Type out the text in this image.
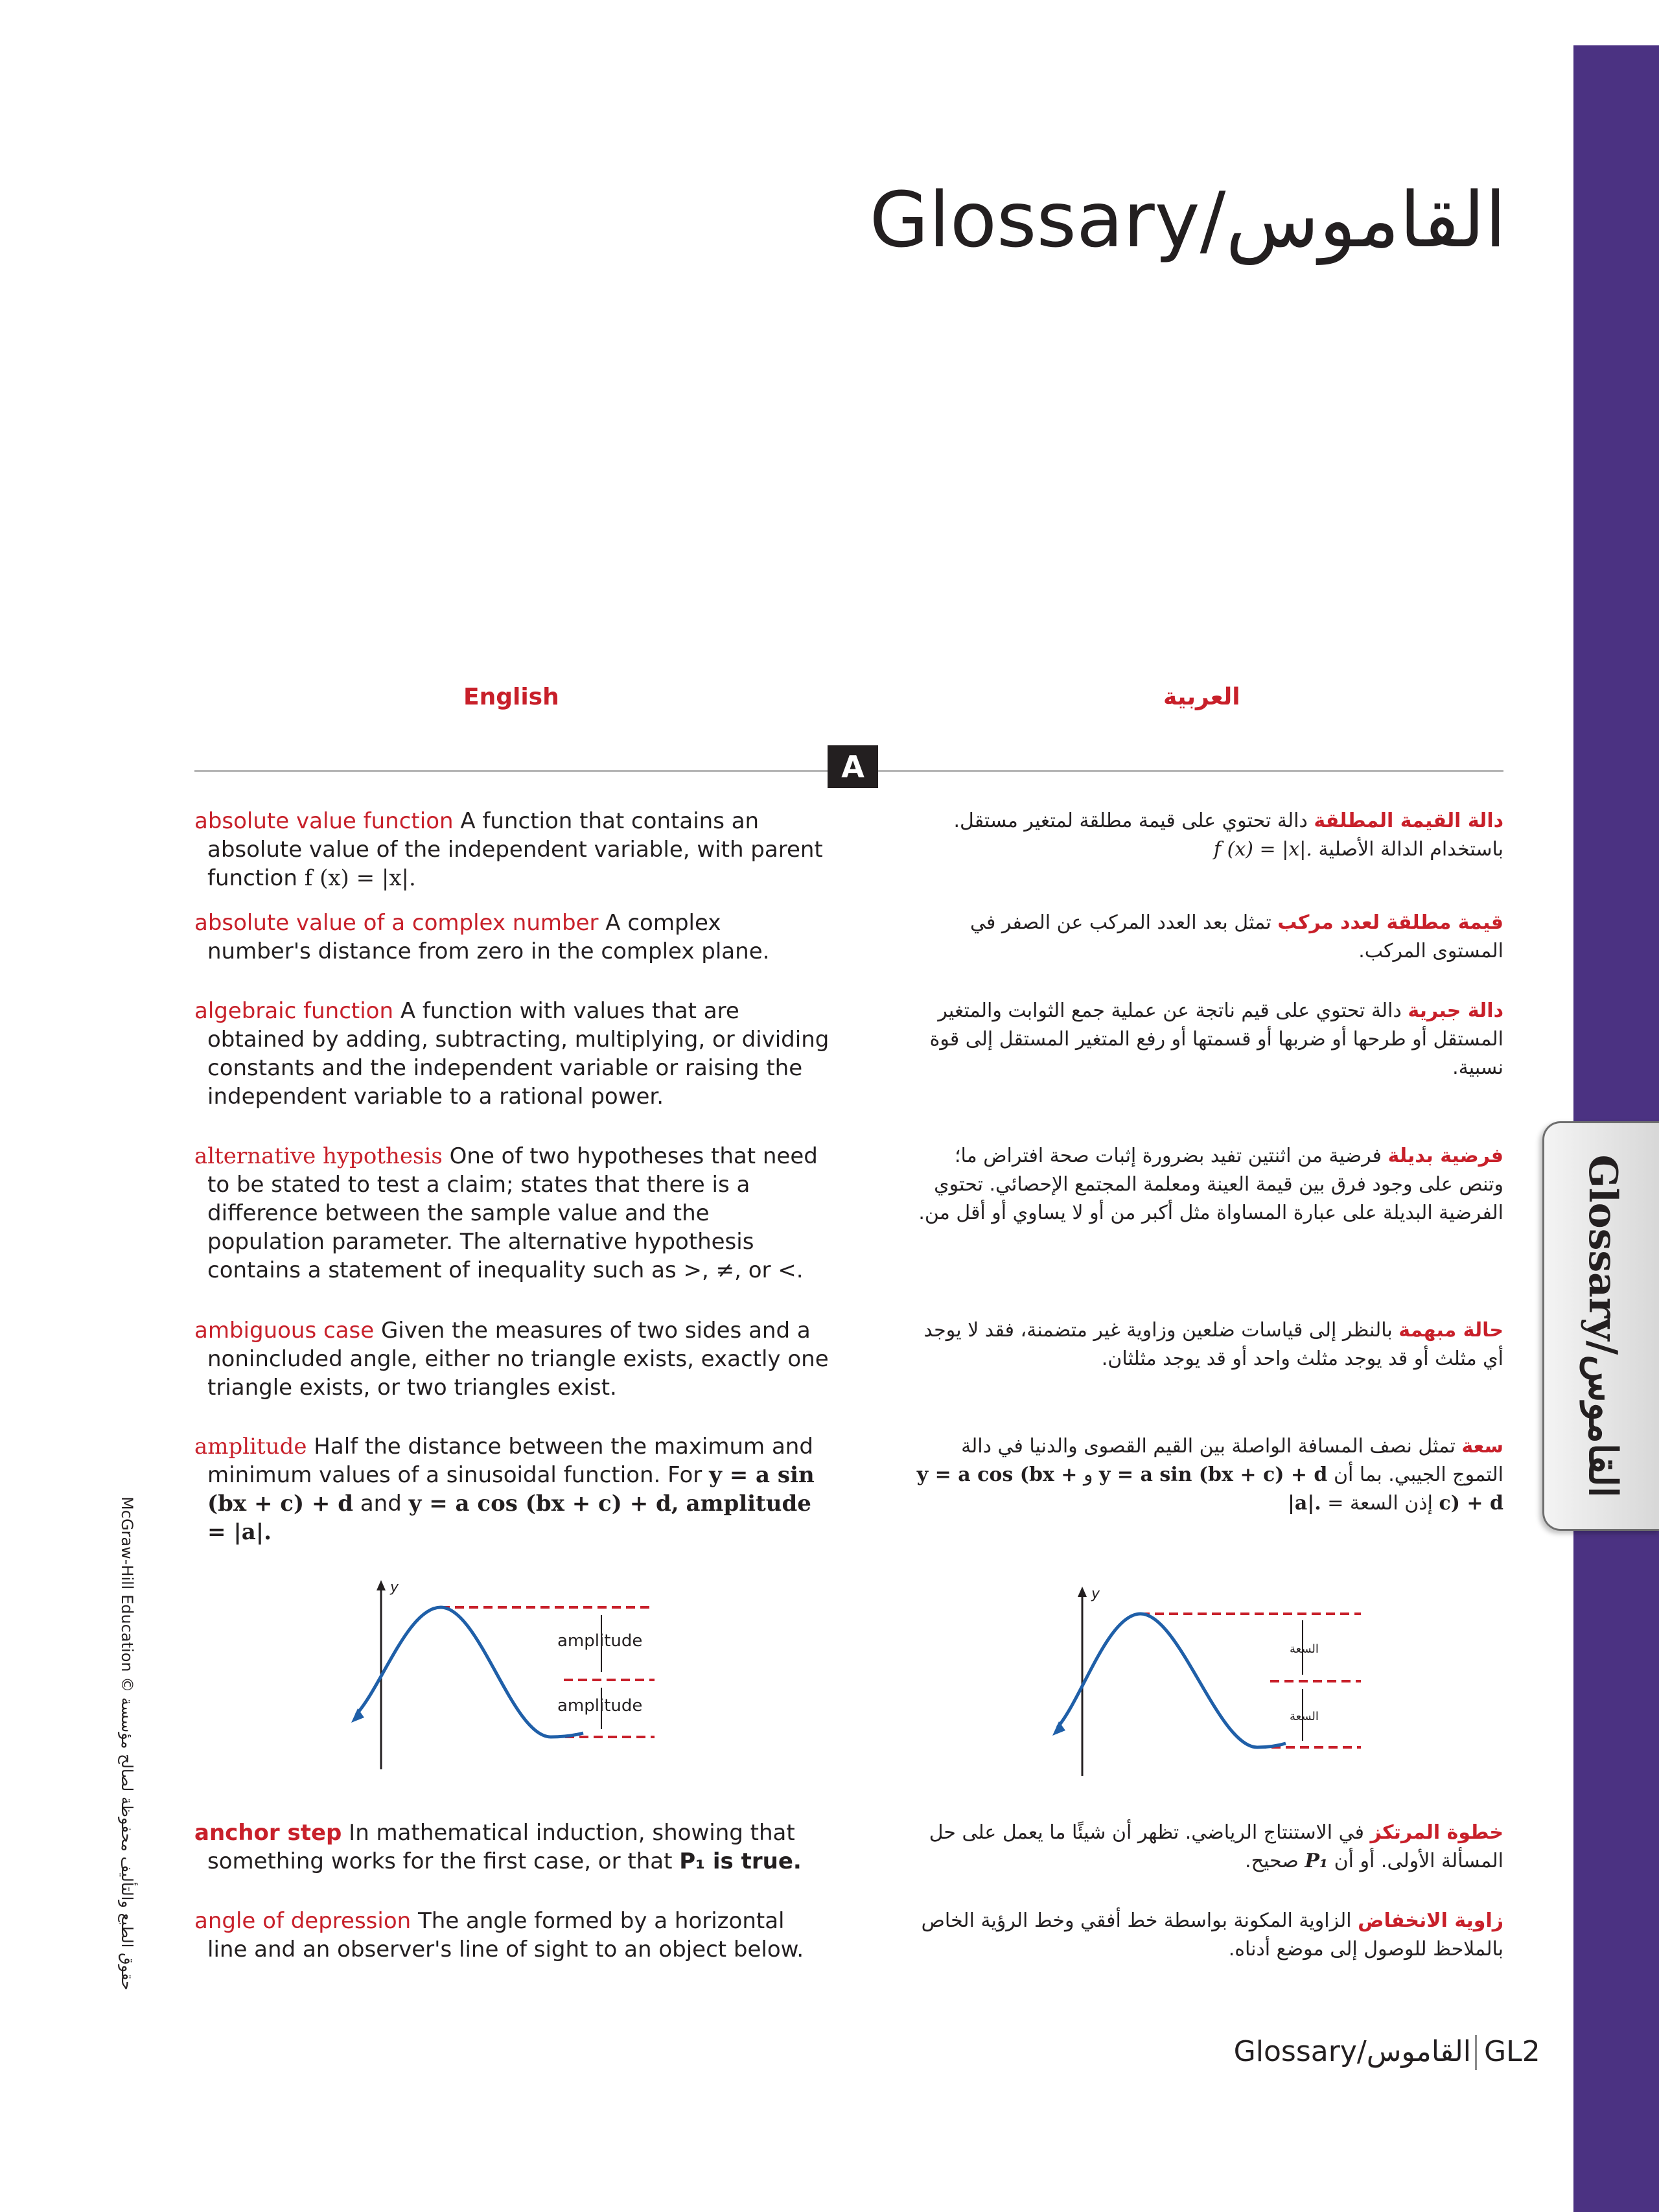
Glossary/القاموس
Glossary/القاموس
English	العربية
A
McGraw-Hill Education © حقوق الطبع والتأليف محفوظة لصالح مؤسسة
absolute value function A function that contains an absolute value of the independent variable, with parent function f (x) = |x|.
دالة القيمة المطلقة دالة تحتوي على قيمة مطلقة لمتغير مستقل. باستخدام الدالة الأصلية f (x) = |x|.
absolute value of a complex number A complex number's distance from zero in the complex plane.
قيمة مطلقة لعدد مركب تمثل بعد العدد المركب عن الصفر في المستوى المركب.
algebraic function A function with values that are obtained by adding, subtracting, multiplying, or dividing constants and the independent variable or raising the independent variable to a rational power.
دالة جبرية دالة تحتوي على قيم ناتجة عن عملية جمع الثوابت والمتغير المستقل أو طرحها أو ضربها أو قسمتها أو رفع المتغير المستقل إلى قوة نسبية.
alternative hypothesis One of two hypotheses that need to be stated to test a claim; states that there is a difference between the sample value and the population parameter. The alternative hypothesis contains a statement of inequality such as >, ≠, or <.
فرضية بديلة فرضية من اثنتين تفيد بضرورة إثبات صحة افتراض ما؛ وتنص على وجود فرق بين قيمة العينة ومعلمة المجتمع الإحصائي. تحتوي الفرضية البديلة على عبارة المساواة مثل أكبر من أو لا يساوي أو أقل من.
ambiguous case Given the measures of two sides and a nonincluded angle, either no triangle exists, exactly one triangle exists, or two triangles exist.
حالة مبهمة بالنظر إلى قياسات ضلعين وزاوية غير متضمنة، فقد لا يوجد أي مثلث أو قد يوجد مثلث واحد أو قد يوجد مثلثان.
amplitude Half the distance between the maximum and minimum values of a sinusoidal function. For y = a sin (bx + c) + d and y = a cos (bx + c) + d, amplitude = |a|.
سعة تمثل نصف المسافة الواصلة بين القيم القصوى والدنيا في دالة التموج الجيبي. بما أن y = a sin (bx + c) + d و y = a cos (bx + c) + d إذن السعة = |a|.
y
amplitude
amplitude
y
السعة
السعة
anchor step In mathematical induction, showing that something works for the first case, or that P₁ is true.
خطوة المرتكز في الاستنتاج الرياضي. تظهر أن شيئًا ما يعمل على حل المسألة الأولى. أو أن P₁ صحيح.
angle of depression The angle formed by a horizontal line and an observer's line of sight to an object below.
زاوية الانخفاض الزاوية المكونة بواسطة خط أفقي وخط الرؤية الخاص بالملاحظ للوصول إلى موضع أدناه.
Glossary/القاموس GL2
